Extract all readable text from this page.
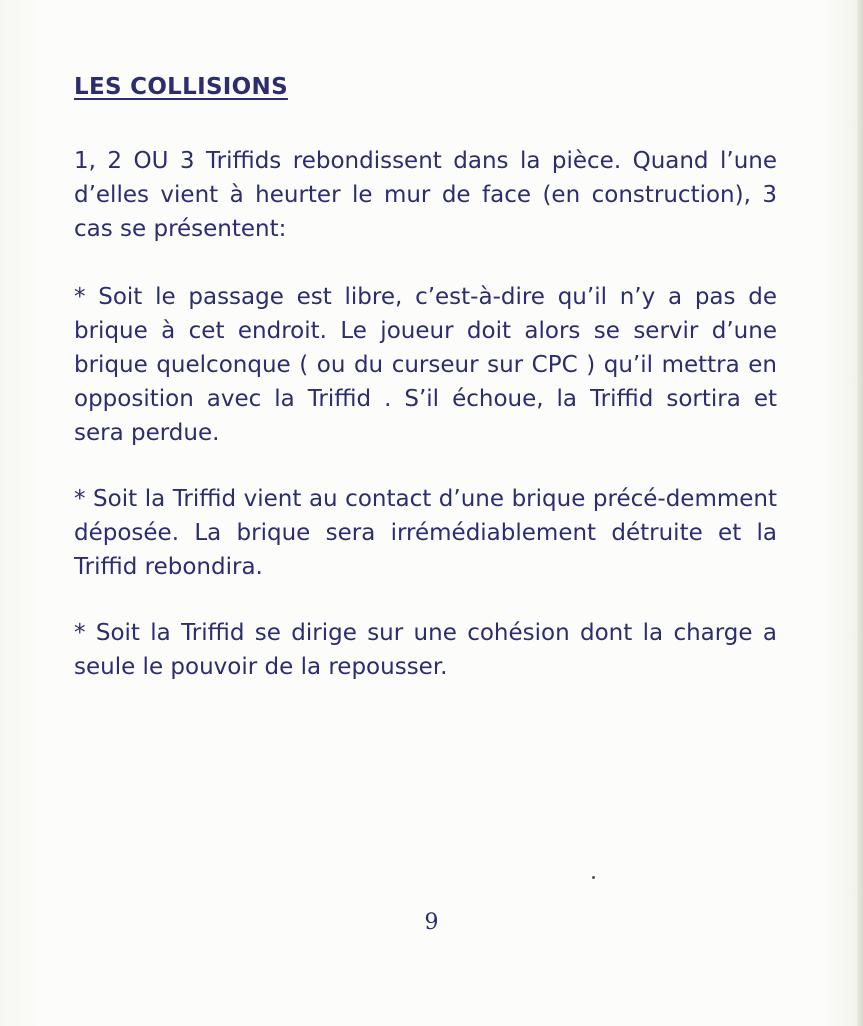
LES COLLISIONS

1, 2 OU 3 Triffids rebondissent dans la pièce. Quand l’une d’elles vient à heurter le mur de face (en construction), 3 cas se présentent:

* Soit le passage est libre, c’est-à-dire qu’il n’y a pas de brique à cet endroit. Le joueur doit alors se servir d’une brique quelconque ( ou du curseur sur CPC ) qu’il mettra en opposition avec la Triffid . S’il échoue, la Triffid sortira et sera perdue.

* Soit la Triffid vient au contact d’une brique précé-demment déposée. La brique sera irrémédiablement détruite et la Triffid rebondira.

* Soit la Triffid se dirige sur une cohésion dont la charge a seule le pouvoir de la repousser.

9
